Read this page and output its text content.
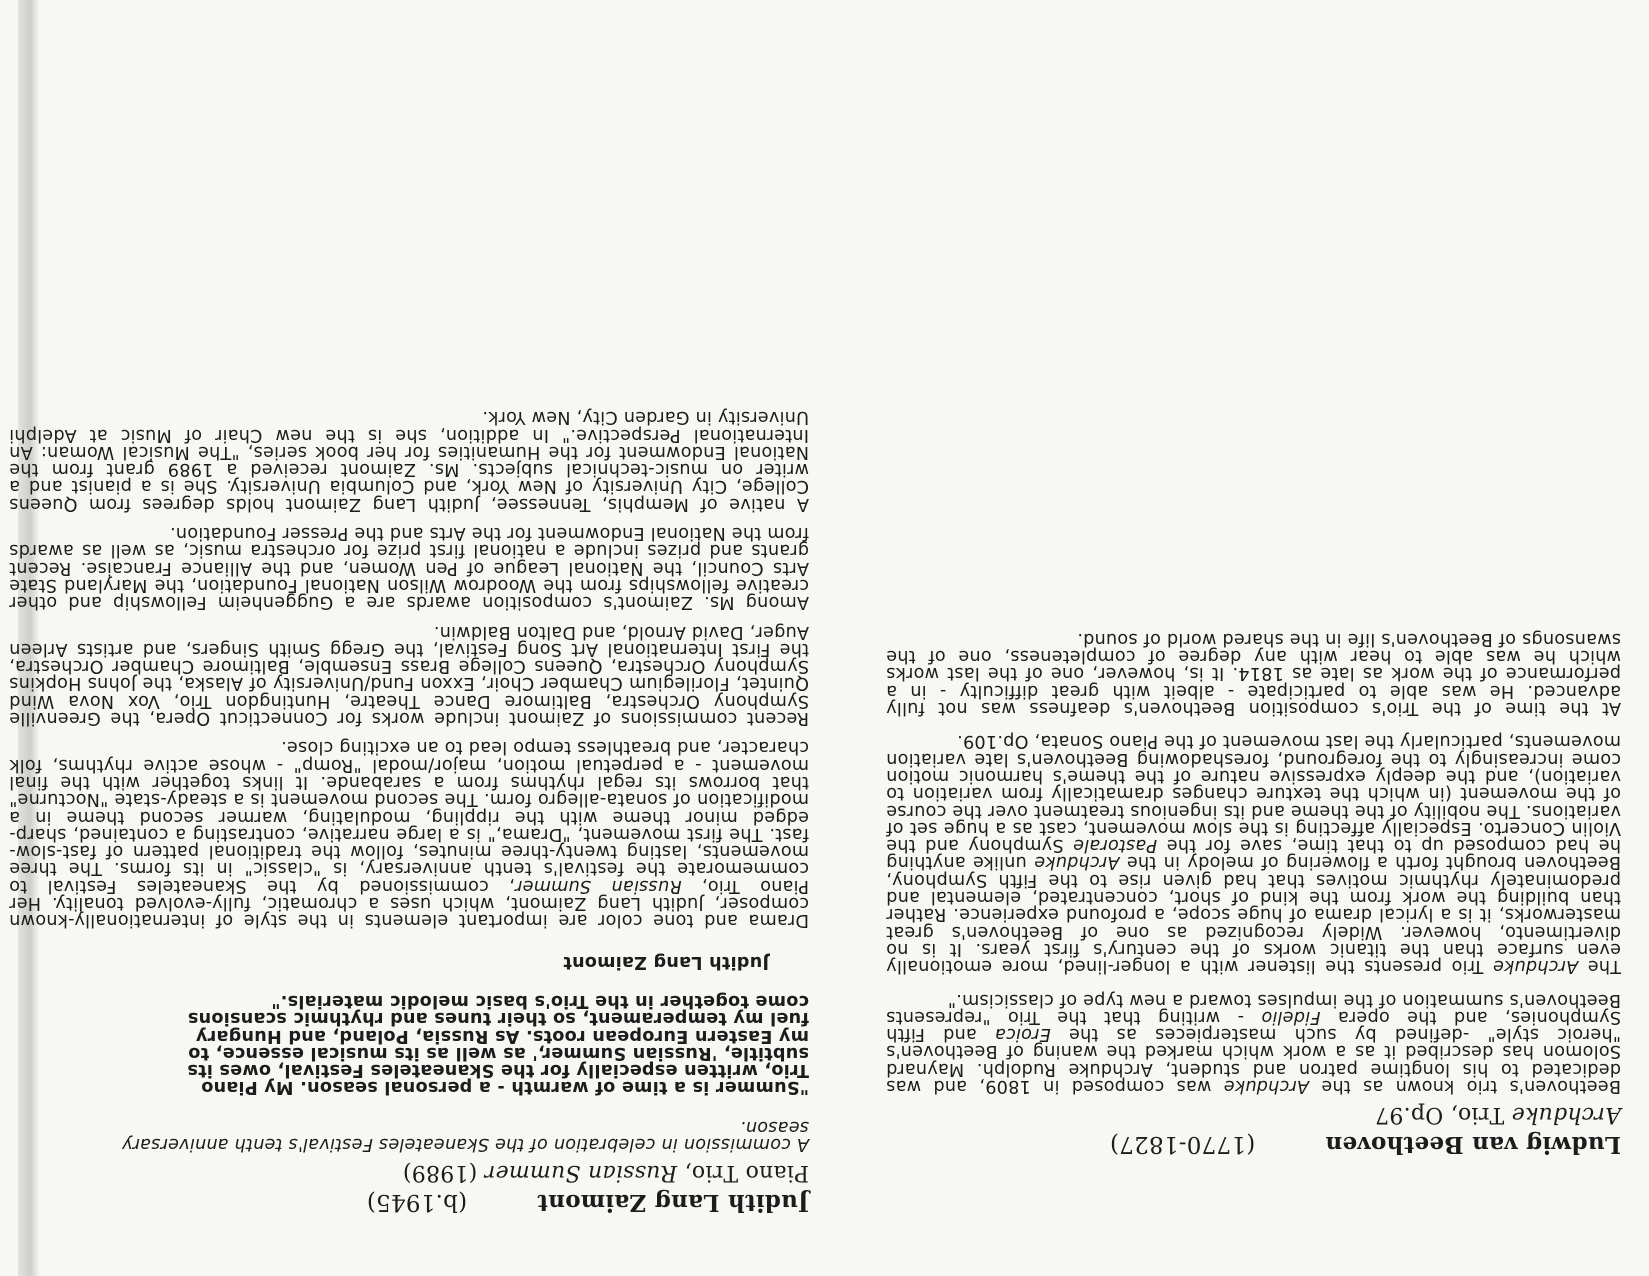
Ludwig van Beethoven(1770-1827)
Archduke Trio, Op.97

Beethoven's trio known as the Archduke was composed in 1809, and was dedicated to his longtime patron and student, Archduke Rudolph. Maynard Solomon has described it as a work which marked the waning of Beethoven's "heroic style" -defined by such masterpieces as the Eroica and Fifth Symphonies, and the opera Fidelio - writing that the Trio "represents Beethoven's summation of the impulses toward a new type of classicism."

The Archduke Trio presents the listener with a longer-lined, more emotionally even surface than the titanic works of the century's first years. It is no divertimento, however. Widely recognized as one of Beethoven's great masterworks, it is a lyrical drama of huge scope, a profound experience. Rather than building the work from the kind of short, concentrated, elemental and predominately rhythmic motives that had given rise to the Fifth Symphony, Beethoven brought forth a flowering of melody in the Archduke unlike anything he had composed up to that time, save for the Pastorale Symphony and the Violin Concerto. Especially affecting is the slow movement, cast as a huge set of variations. The nobility of the theme and its ingenious treatment over the course of the movement (in which the texture changes dramatically from variation to variation), and the deeply expressive nature of the theme's harmonic motion come increasingly to the foreground, foreshadowing Beethoven's late variation movements, particularly the last movement of the Piano Sonata, Op.109.

At the time of the Trio's composition Beethoven's deafness was not fully advanced. He was able to participate - albeit with great difficulty - in a performance of the work as late as 1814. It is, however, one of the last works which he was able to hear with any degree of completeness, one of the swansongs of Beethoven's life in the shared world of sound.

Judith Lang Zaimont(b.1945)
Piano Trio, Russian Summer (1989)

A commission in celebration of the Skaneateles Festival's tenth anniversary season.

"Summer is a time of warmth - a personal season. My Piano Trio, written especially for the Skaneateles Festival, owes its subtitle, 'Russian Summer,' as well as its musical essence, to my Eastern European roots. As Russia, Poland, and Hungary fuel my temperament, so their tunes and rhythmic scansions come together in the Trio's basic melodic materials."

Judith Lang Zaimont

Drama and tone color are important elements in the style of internationally-known composer, Judith Lang Zaimont, which uses a chromatic, fully-evolved tonality. Her Piano Trio, Russian Summer, commissioned by the Skaneateles Festival to commemorate the festival's tenth anniversary, is "classic" in its forms. The three movements, lasting twenty-three minutes, follow the traditional pattern of fast-slow-fast. The first movement, "Drama," is a large narrative, contrasting a contained, sharp-edged minor theme with the rippling, modulating, warmer second theme in a modification of sonata-allegro form. The second movement is a steady-state "Nocturne" that borrows its regal rhythms from a sarabande. It links together with the final movement - a perpetual motion, major/modal "Romp" - whose active rhythms, folk character, and breathless tempo lead to an exciting close.

Recent commissions of Zaimont include works for Connecticut Opera, the Greenville Symphony Orchestra, Baltimore Dance Theatre, Huntingdon Trio, Vox Nova Wind Quintet, Florilegium Chamber Choir, Exxon Fund/University of Alaska, the Johns Hopkins Symphony Orchestra, Queens College Brass Ensemble, Baltimore Chamber Orchestra, the First International Art Song Festival, the Gregg Smith Singers, and artists Arleen Auger, David Arnold, and Dalton Baldwin.

Among Ms. Zaimont's composition awards are a Guggenheim Fellowship and other creative fellowships from the Woodrow Wilson National Foundation, the Maryland State Arts Council, the National League of Pen Women, and the Alliance Francaise. Recent grants and prizes include a national first prize for orchestra music, as well as awards from the National Endowment for the Arts and the Presser Foundation.

A native of Memphis, Tennessee, Judith Lang Zaimont holds degrees from Queens College, City University of New York, and Columbia University. She is a pianist and a writer on music-technical subjects. Ms. Zaimont received a 1989 grant from the National Endowment for the Humanities for her book series, "The Musical Woman: An International Perspective." In addition, she is the new Chair of Music at Adelphi University in Garden City, New York.
